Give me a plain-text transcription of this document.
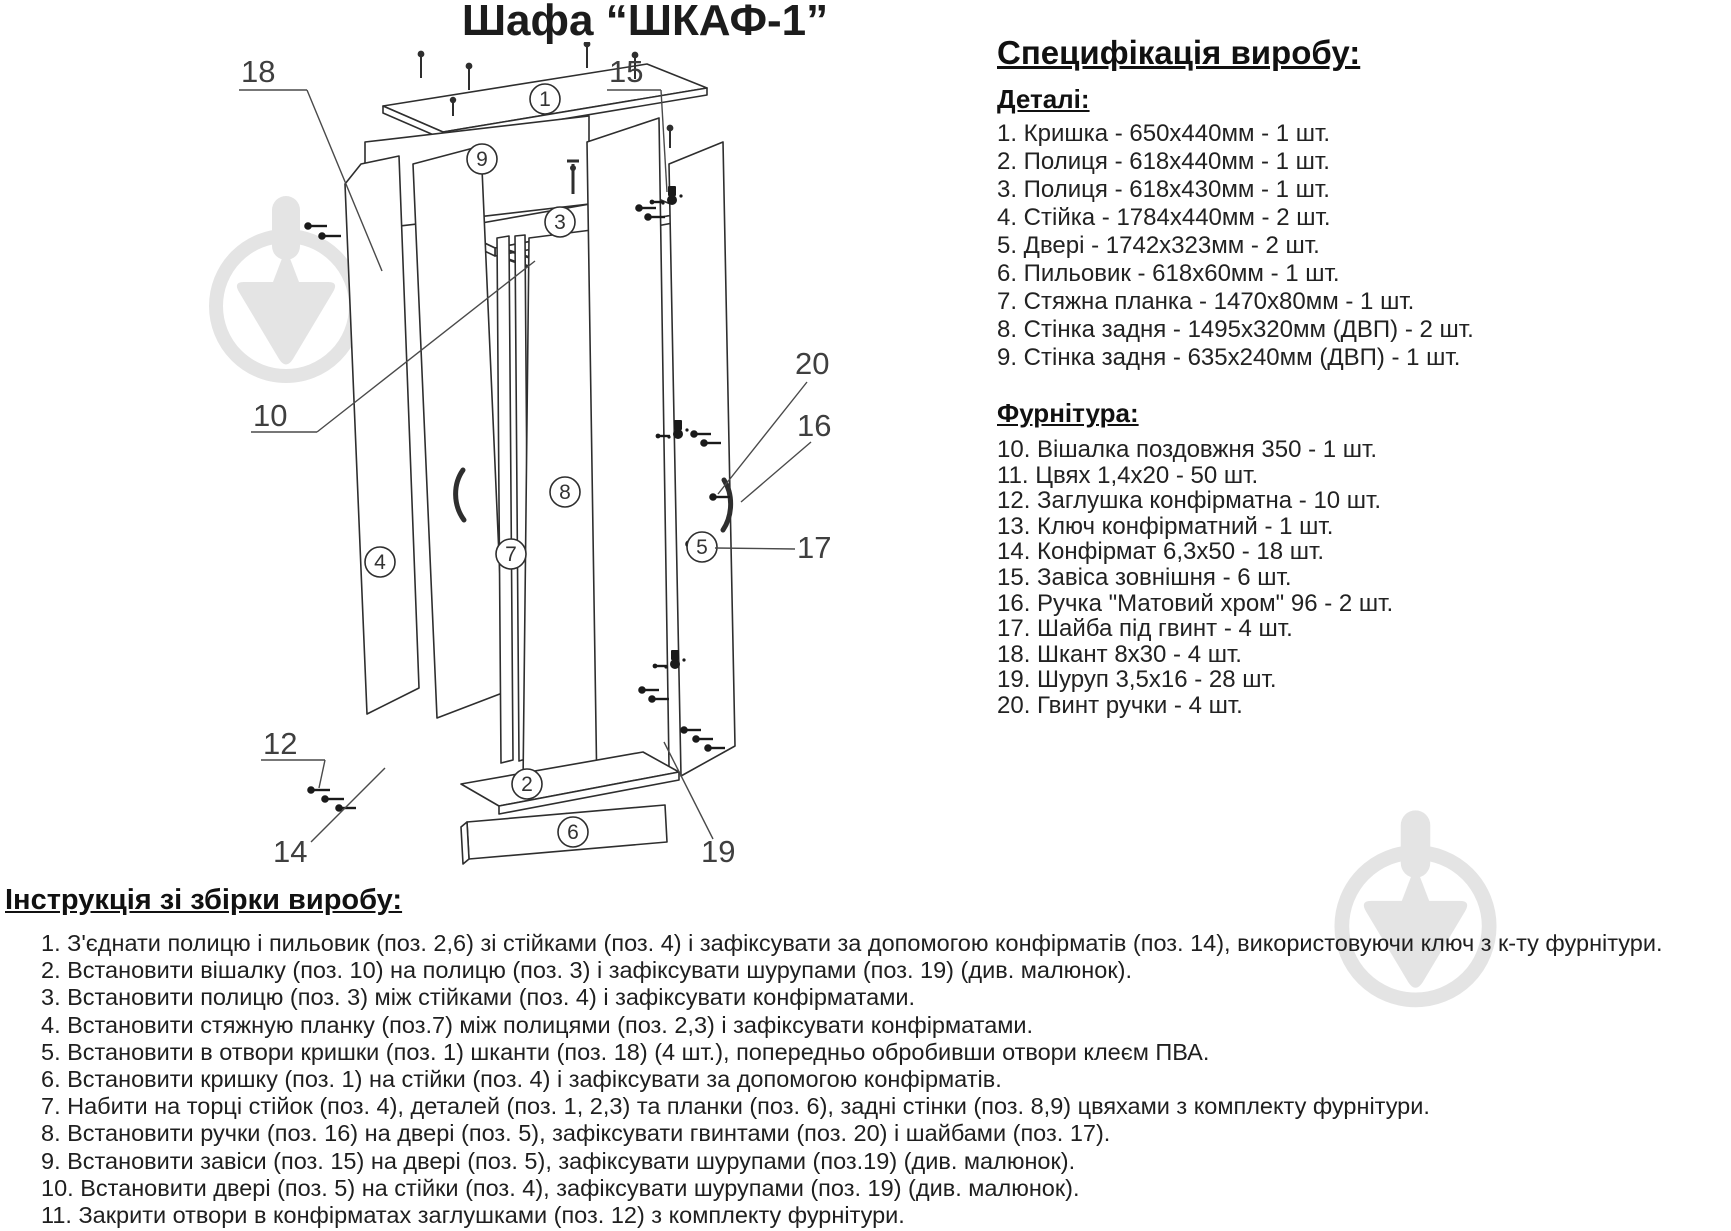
Шафа “ШКАФ-1”
1
9
3
8
7
4
5
2
6
18	15
10
12
14	19
20
16
17
Специфікація виробу:
Деталі:
1. Кришка - 650х440мм - 1 шт.
2. Полиця - 618х440мм - 1 шт.
3. Полиця - 618х430мм - 1 шт.
4. Стійка - 1784х440мм - 2 шт.
5. Двері - 1742х323мм - 2 шт.
6. Пильовик - 618х60мм - 1 шт.
7. Стяжна планка - 1470х80мм - 1 шт.
8. Стінка задня - 1495х320мм (ДВП) - 2 шт.
9. Стінка задня - 635х240мм (ДВП) - 1 шт.
Фурнітура:
10. Вішалка поздовжня 350 - 1 шт.
11. Цвях 1,4х20 - 50 шт.
12. Заглушка конфірматна - 10 шт.
13. Ключ конфірматний - 1 шт.
14. Конфірмат 6,3х50 - 18 шт.
15. Завіса зовнішня - 6 шт.
16. Ручка "Матовий хром" 96 - 2 шт.
17. Шайба під гвинт - 4 шт.
18. Шкант 8х30 - 4 шт.
19. Шуруп 3,5х16 - 28 шт.
20. Гвинт ручки - 4 шт.
Інструкція зі збірки виробу:
1. З'єднати полицю і пильовик (поз. 2,6) зі стійками (поз. 4) і зафіксувати за допомогою конфірматів (поз. 14), використовуючи ключ з к-ту фурнітури.
2. Встановити вішалку (поз. 10) на полицю (поз. 3) і зафіксувати шурупами (поз. 19) (див. малюнок).
3. Встановити полицю (поз. 3) між стійками (поз. 4) і зафіксувати конфірматами.
4. Встановити стяжную планку (поз.7) між полицями (поз. 2,3) і зафіксувати конфірматами.
5. Встановити в отвори кришки (поз. 1) шканти (поз. 18) (4 шт.), попередньо обробивши отвори клеєм ПВА.
6. Встановити кришку (поз. 1) на стійки (поз. 4) і зафіксувати за допомогою конфірматів.
7. Набити на торці стійок (поз. 4), деталей (поз. 1, 2,3) та планки (поз. 6), задні стінки (поз. 8,9) цвяхами з комплекту фурнітури.
8. Встановити ручки (поз. 16) на двері (поз. 5), зафіксувати гвинтами (поз. 20) і шайбами (поз. 17).
9. Встановити завіси (поз. 15) на двері (поз. 5), зафіксувати шурупами (поз.19) (див. малюнок).
10. Встановити двері (поз. 5) на стійки (поз. 4), зафіксувати шурупами (поз. 19) (див. малюнок).
11. Закрити отвори в конфірматах заглушками (поз. 12) з комплекту фурнітури.
